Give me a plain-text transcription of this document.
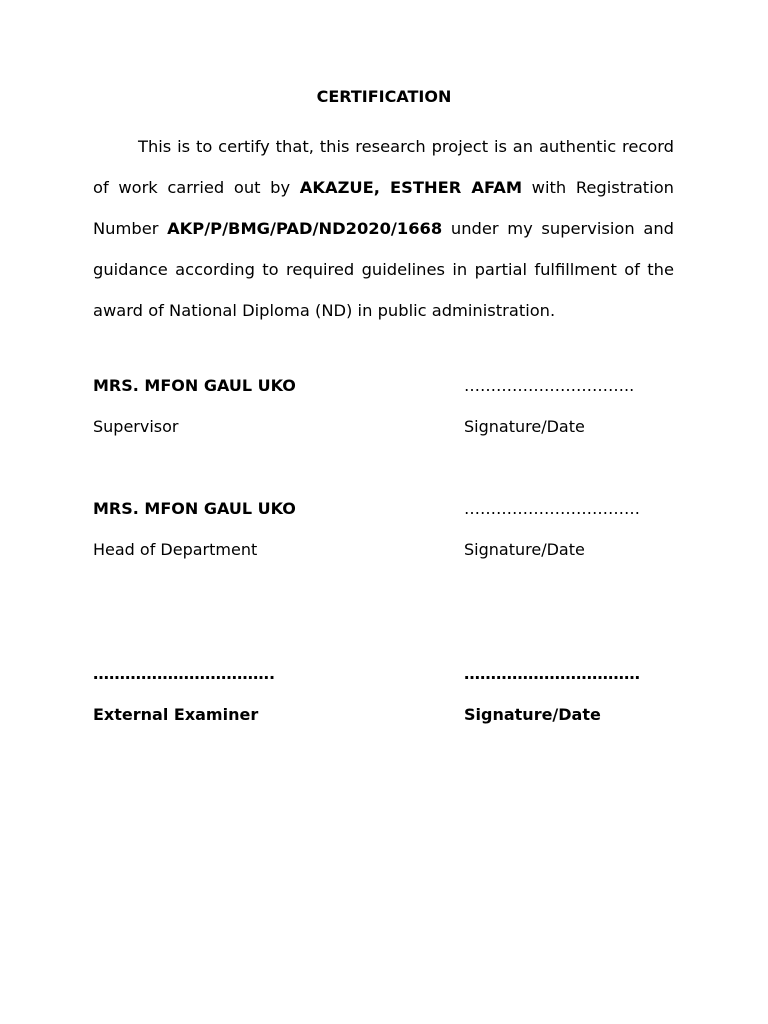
CERTIFICATION

This is to certify that, this research project is an authentic record of work carried out by AKAZUE, ESTHER AFAM with Registration Number AKP/P/BMG/PAD/ND2020/1668 under my supervision and guidance according to required guidelines in partial fulfillment of the award of National Diploma (ND) in public administration.

MRS. MFON GAUL UKO	…………………………..
Supervisor	Signature/Date
MRS. MFON GAUL UKO	……………………………
Head of Department	Signature/Date
…………………………….	……………………………
External Examiner	Signature/Date
